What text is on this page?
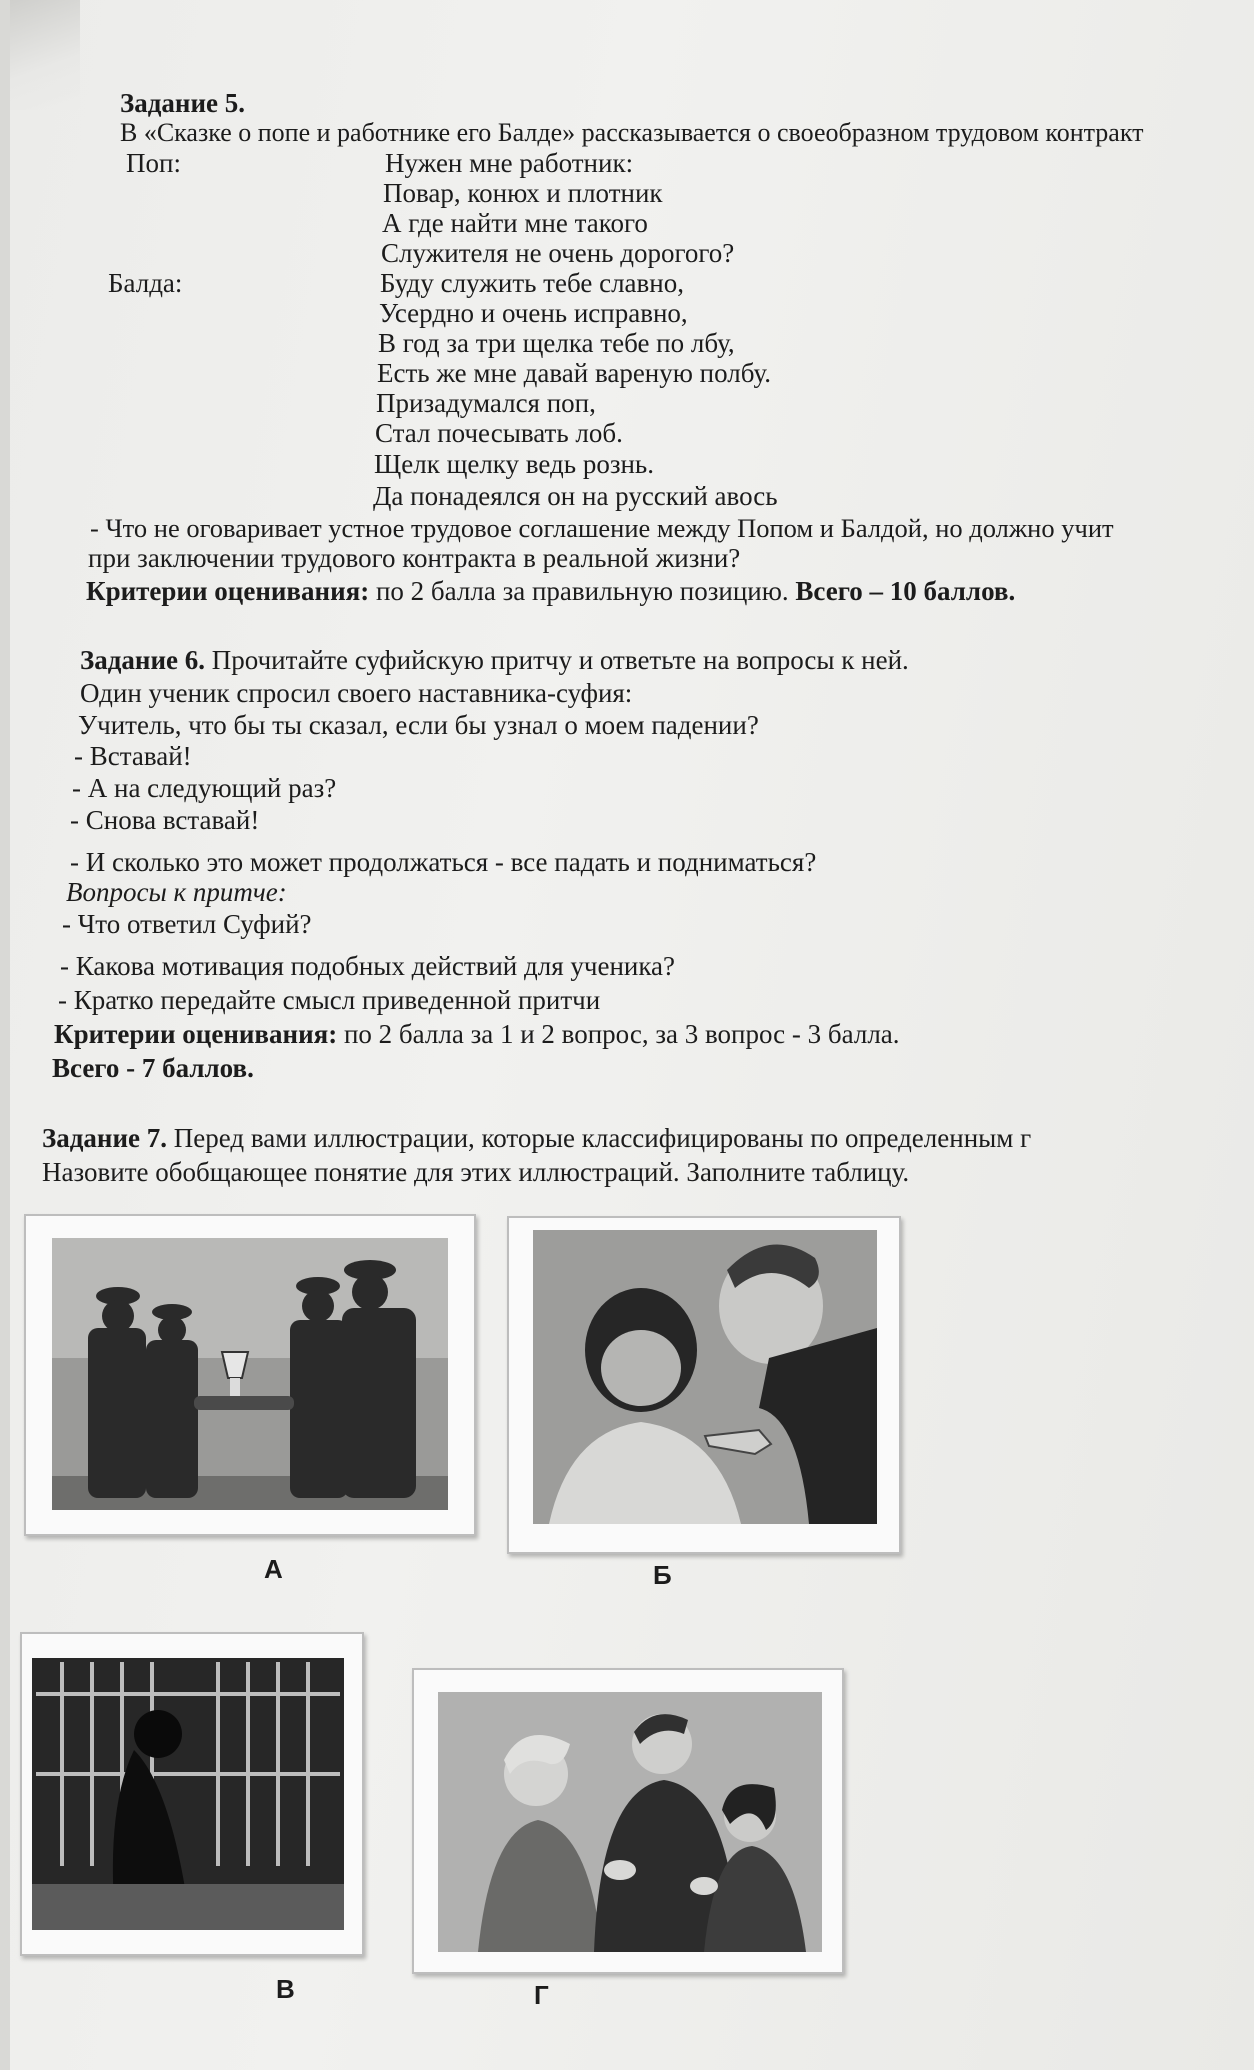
Задание 5.
В «Сказке о попе и работнике его Балде» рассказывается о своеобразном трудовом контракт
Поп:
Балда:
Нужен мне работник:
Повар, конюх и плотник
А где найти мне такого
Служителя не очень дорогого?
Буду служить тебе славно,
Усердно и очень исправно,
В год за три щелка тебе по лбу,
Есть же мне давай вареную полбу.
Призадумался поп,
Стал почесывать лоб.
Щелк щелку ведь рознь.
Да понадеялся он на русский авось
- Что не оговаривает устное трудовое соглашение между Попом и Балдой, но должно учит
при заключении трудового контракта в реальной жизни?
Критерии оценивания: по 2 балла за правильную позицию. Всего – 10 баллов.
Задание 6. Прочитайте суфийскую притчу и ответьте на вопросы к ней.
Один ученик спросил своего наставника-суфия:
Учитель, что бы ты сказал, если бы узнал о моем падении?
- Вставай!
- А на следующий раз?
- Снова вставай!
- И сколько это может продолжаться - все падать и подниматься?
Вопросы к притче:
- Что ответил Суфий?
- Какова мотивация подобных действий для ученика?
- Кратко передайте смысл приведенной притчи
Критерии оценивания: по 2 балла за 1 и 2 вопрос, за 3 вопрос - 3 балла.
Всего - 7 баллов.
Задание 7. Перед вами иллюстрации, которые классифицированы по определенным г
Назовите обобщающее понятие для этих иллюстраций. Заполните таблицу.
А	Б
В	Г
